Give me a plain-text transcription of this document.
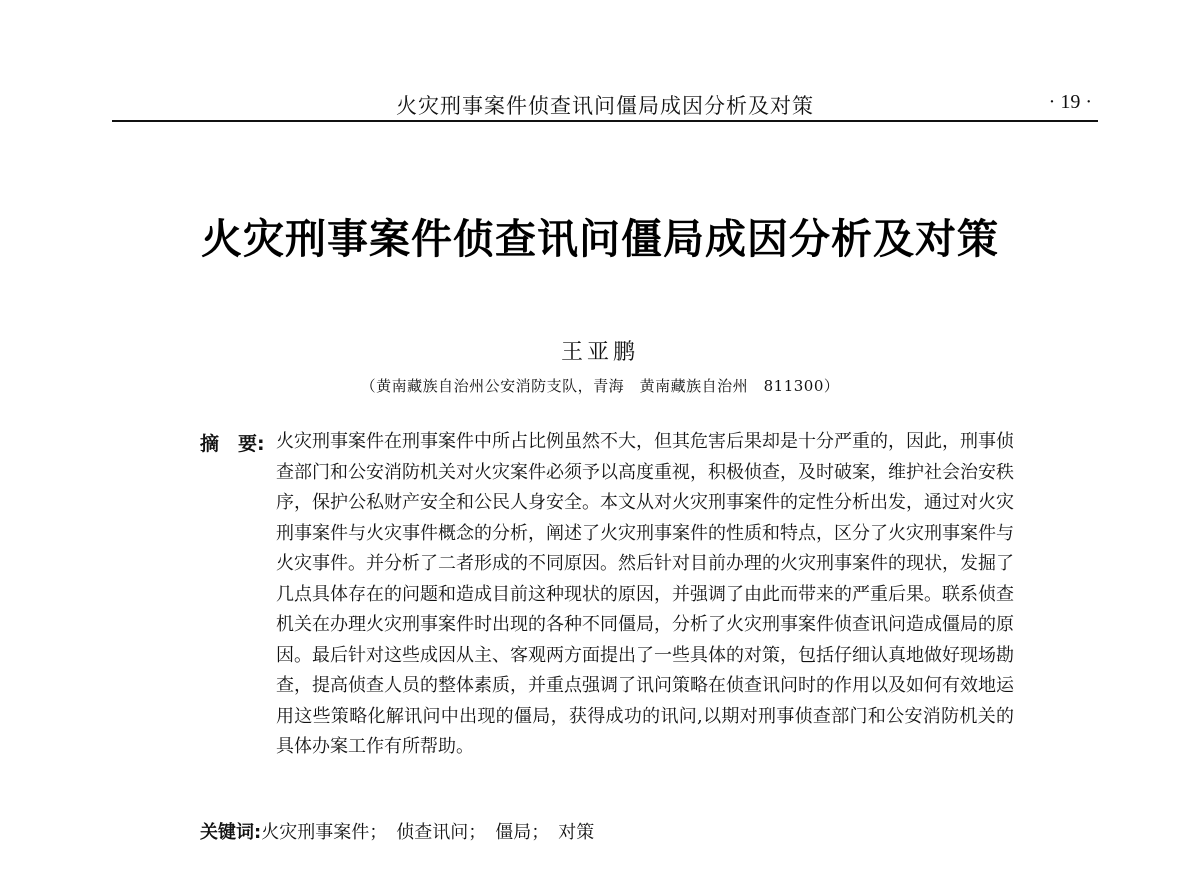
火灾刑事案件侦查讯问僵局成因分析及对策	· 19 ·
火灾刑事案件侦查讯问僵局成因分析及对策
王亚鹏
（黄南藏族自治州公安消防支队，青海　黄南藏族自治州　811300）
摘　要: 火灾刑事案件在刑事案件中所占比例虽然不大，但其危害后果却是十分严重的，因此，刑事侦查部门和公安消防机关对火灾案件必须予以高度重视，积极侦查，及时破案，维护社会治安秩序，保护公私财产安全和公民人身安全。本文从对火灾刑事案件的定性分析出发，通过对火灾刑事案件与火灾事件概念的分析，阐述了火灾刑事案件的性质和特点，区分了火灾刑事案件与火灾事件。并分析了二者形成的不同原因。然后针对目前办理的火灾刑事案件的现状，发掘了几点具体存在的问题和造成目前这种现状的原因，并强调了由此而带来的严重后果。联系侦查机关在办理火灾刑事案件时出现的各种不同僵局，分析了火灾刑事案件侦查讯问造成僵局的原因。最后针对这些成因从主、客观两方面提出了一些具体的对策，包括仔细认真地做好现场勘查，提高侦查人员的整体素质，并重点强调了讯问策略在侦查讯问时的作用以及如何有效地运用这些策略化解讯问中出现的僵局，获得成功的讯问,以期对刑事侦查部门和公安消防机关的具体办案工作有所帮助。
关键词:火灾刑事案件；　侦查讯问；　僵局；　对策
